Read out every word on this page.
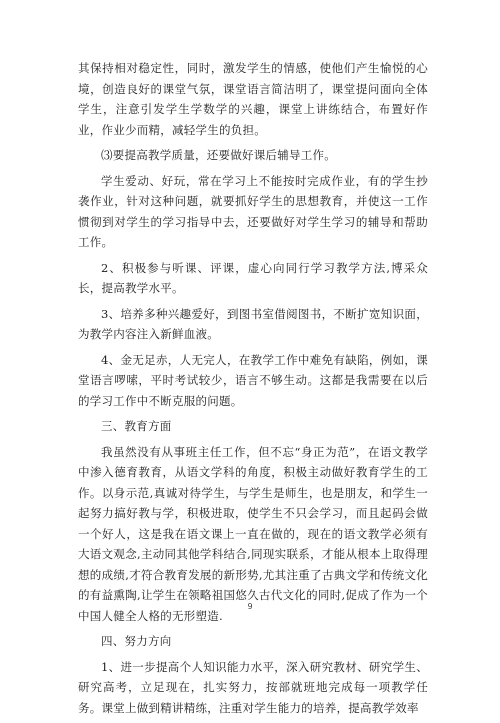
其保持相对稳定性，同时，激发学生的情感，使他们产生愉悦的心境，创造良好的课堂气氛，课堂语言简洁明了，课堂提问面向全体学生，注意引发学生学数学的兴趣，课堂上讲练结合，布置好作业，作业少而精，减轻学生的负担。

⑶要提高教学质量，还要做好课后辅导工作。

学生爱动、好玩，常在学习上不能按时完成作业，有的学生抄袭作业，针对这种问题，就要抓好学生的思想教育，并使这一工作惯彻到对学生的学习指导中去，还要做好对学生学习的辅导和帮助工作。

2、积极参与听课、评课，虚心向同行学习教学方法,博采众长，提高教学水平。

3、培养多种兴趣爱好，到图书室借阅图书，不断扩宽知识面，为教学内容注入新鲜血液。

4、金无足赤，人无完人，在教学工作中难免有缺陷，例如，课堂语言啰嗦，平时考试较少，语言不够生动。这都是我需要在以后的学习工作中不断克服的问题。

三、教育方面

我虽然没有从事班主任工作，但不忘“身正为范”，在语文教学中渗入德育教育，从语文学科的角度，积极主动做好教育学生的工作。以身示范,真诚对待学生，与学生是师生，也是朋友，和学生一起努力搞好教与学，积极进取，使学生不只会学习，而且起码会做一个好人，这是我在语文课上一直在做的，现在的语文教学必须有大语文观念,主动同其他学科结合,同现实联系，才能从根本上取得理想的成绩,才符合教育发展的新形势,尤其注重了古典文学和传统文化的有益熏陶,让学生在领略祖国悠久古代文化的同时,促成了作为一个中国人健全人格的无形塑造.

四、努力方向

1、进一步提高个人知识能力水平，深入研究教材、研究学生、研究高考，立足现在，扎实努力，按部就班地完成每一项教学任务。课堂上做到精讲精练，注重对学生能力的培养，提高教学效率

9
